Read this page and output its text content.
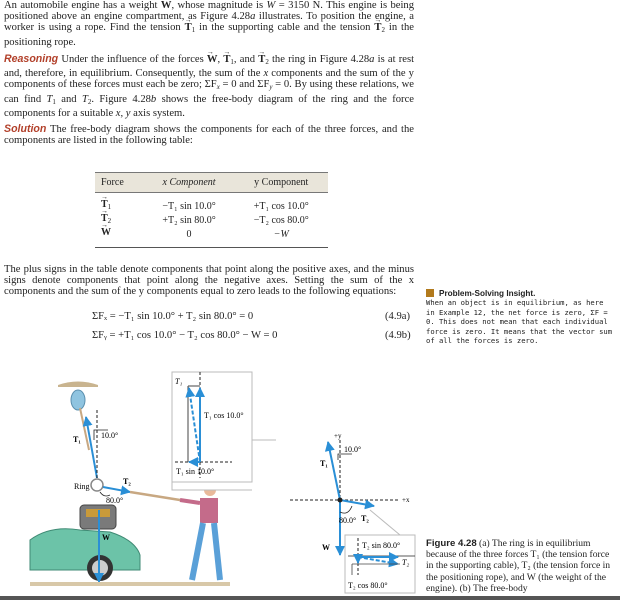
An automobile engine has a weight → W, whose magnitude is W = 3150 N. This engine is being positioned above an engine compartment, as Figure 4.28a illustrates. To position the engine, a worker is using a rope. Find the tension → $T_1$ in the supporting cable and the tension → $T_2$ in the positioning rope.
Reasoning Under the influence of the forces → W, → $T_1$, and → $T_2$ the ring in Figure 4.28a is at rest and, therefore, in equilibrium. Consequently, the sum of the x components and the sum of the y components of these forces must each be zero; $\Sigma F_x = 0$ and $\Sigma F_y = 0$. By using these relations, we can find $T_1$ and $T_2$. Figure 4.28b shows the free-body diagram of the ring and the force components for a suitable x, y axis system.
Solution The free-body diagram shows the components for each of the three forces, and the components are listed in the following table:
Force	x Component	y Component
→ $T_1$	−T₁ sin 10.0°	+T₁ cos 10.0°
→ $T_2$	+T₂ sin 80.0°	−T₂ cos 80.0°
→ W	0	−W
The plus signs in the table denote components that point along the positive axes, and the minus signs denote components that point along the negative axes. Setting the sum of the x components and the sum of the y components equal to zero leads to the following equations:
ΣFₓ = −T₁ sin 10.0° + T₂ sin 80.0° = 0	(4.9a)
ΣFᵧ = +T₁ cos 10.0° − T₂ cos 80.0° − W = 0	(4.9b)
Problem-Solving Insight.
When an object is in equilibrium, as here in Example 12, the net force is zero, ΣF = 0. This does not mean that each individual force is zero. It means that the vector sum of all the forces is zero.
10.0°
T₁
Ring
T₂
80.0°
W
T₁
T₁ cos 10.0°
T₁ sin 10.0°
+y
+x
10.0°
T₁
80.0° T₂
W	T₂ sin 80.0°
T₂ cos 80.0°
T₂
Figure 4.28 (a) The ring is in equilibrium because of the three forces T₁ (the tension force in the supporting cable), T₂ (the tension force in the positioning rope), and W (the weight of the engine). (b) The free-body
